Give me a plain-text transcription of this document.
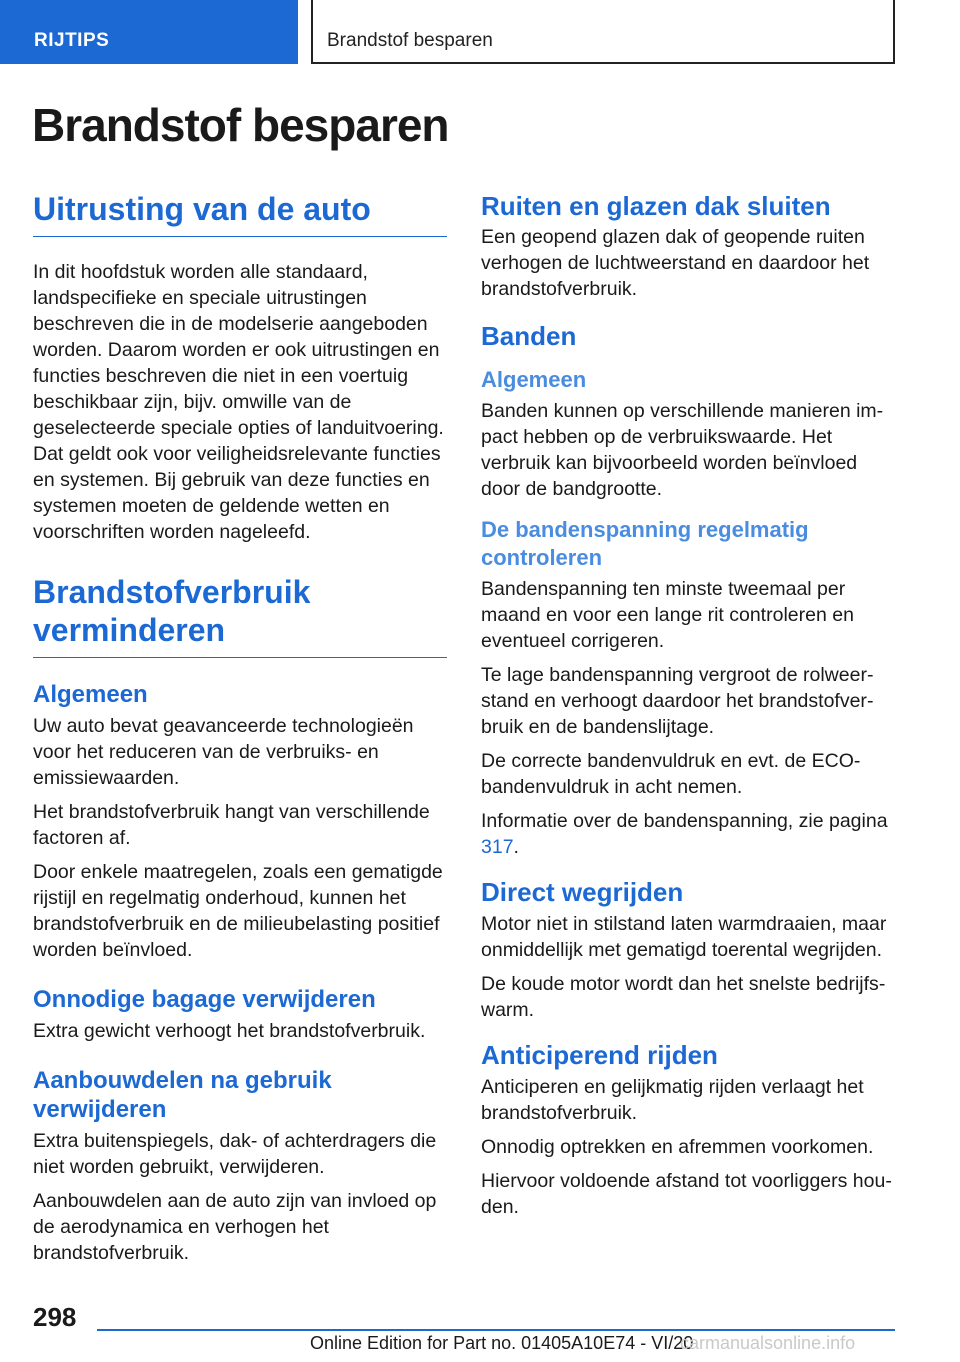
RIJTIPS	Brandstof besparen
Brandstof besparen
Uitrusting van de auto

In dit hoofdstuk worden alle standaard, landspecifieke en speciale uitrustingen beschreven die in de modelserie aangeboden worden. Daarom worden er ook uitrustingen en functies beschreven die niet in een voertuig beschikbaar zijn, bijv. omwille van de geselecteerde speciale opties of landuitvoering. Dat geldt ook voor veiligheidsrelevante functies en systemen. Bij gebruik van deze functies en systemen moeten de geldende wetten en voorschriften worden nageleefd.

Brandstofverbruik verminderen
Algemeen

Uw auto bevat geavanceerde technologieën voor het reduceren van de verbruiks- en emissiewaarden.

Het brandstofverbruik hangt van verschillende factoren af.

Door enkele maatregelen, zoals een gematigde rijstijl en regelmatig onderhoud, kunnen het brandstofverbruik en de milieubelasting positief worden beïnvloed.

Onnodige bagage verwijderen

Extra gewicht verhoogt het brandstofverbruik.

Aanbouwdelen na gebruik verwijderen

Extra buitenspiegels, dak- of achterdragers die niet worden gebruikt, verwijderen.

Aanbouwdelen aan de auto zijn van invloed op de aerodynamica en verhogen het brandstofverbruik.

Ruiten en glazen dak sluiten

Een geopend glazen dak of geopende ruiten verhogen de luchtweerstand en daardoor het brandstofverbruik.

Banden
Algemeen

Banden kunnen op verschillende manieren impact hebben op de verbruikswaarde. Het verbruik kan bijvoorbeeld worden beïnvloed door de bandgrootte.

De bandenspanning regelmatig controleren

Bandenspanning ten minste tweemaal per maand en voor een lange rit controleren en eventueel corrigeren.

Te lage bandenspanning vergroot de rolweerstand en verhoogt daardoor het brandstofverbruik en de bandenslijtage.

De correcte bandenvuldruk en evt. de ECO-bandenvuldruk in acht nemen.

Informatie over de bandenspanning, zie pagina 317.

Direct wegrijden

Motor niet in stilstand laten warmdraaien, maar onmiddellijk met gematigd toerental wegrijden.

De koude motor wordt dan het snelste bedrijfswarm.

Anticiperend rijden

Anticiperen en gelijkmatig rijden verlaagt het brandstofverbruik.

Onnodig optrekken en afremmen voorkomen.

Hiervoor voldoende afstand tot voorliggers houden.

298
Online Edition for Part no. 01405A10E74 - VI/20
carmanualsonline.info
